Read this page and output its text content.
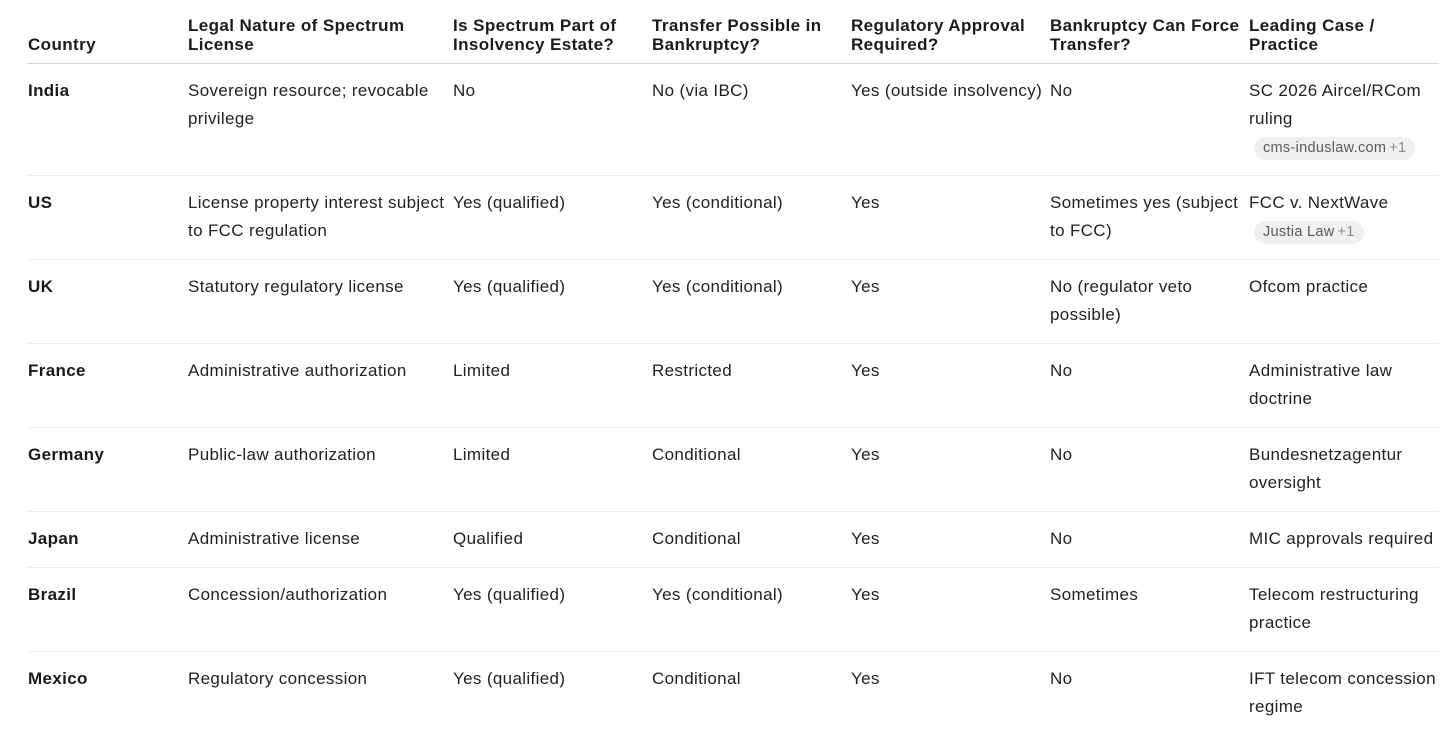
Country	Legal Nature of Spectrum License	Is Spectrum Part of Insolvency Estate?	Transfer Possible in Bankruptcy?	Regulatory Approval Required?	Bankruptcy Can Force Transfer?	Leading Case / Practice
India	Sovereign resource; revocable privilege	No	No (via IBC)	Yes (outside insolvency)	No	SC 2026 Aircel/RCom ruling
cms-induslaw.com +1
US	License property interest subject to FCC regulation	Yes (qualified)	Yes (conditional)	Yes	Sometimes yes (subject to FCC)	FCC v. NextWave
Justia Law +1
UK	Statutory regulatory license	Yes (qualified)	Yes (conditional)	Yes	No (regulator veto possible)	Ofcom practice
France	Administrative authorization	Limited	Restricted	Yes	No	Administrative law doctrine
Germany	Public-law authorization	Limited	Conditional	Yes	No	Bundesnetzagentur oversight
Japan	Administrative license	Qualified	Conditional	Yes	No	MIC approvals required
Brazil	Concession/authorization	Yes (qualified)	Yes (conditional)	Yes	Sometimes	Telecom restructuring practice
Mexico	Regulatory concession	Yes (qualified)	Conditional	Yes	No	IFT telecom concession regime
